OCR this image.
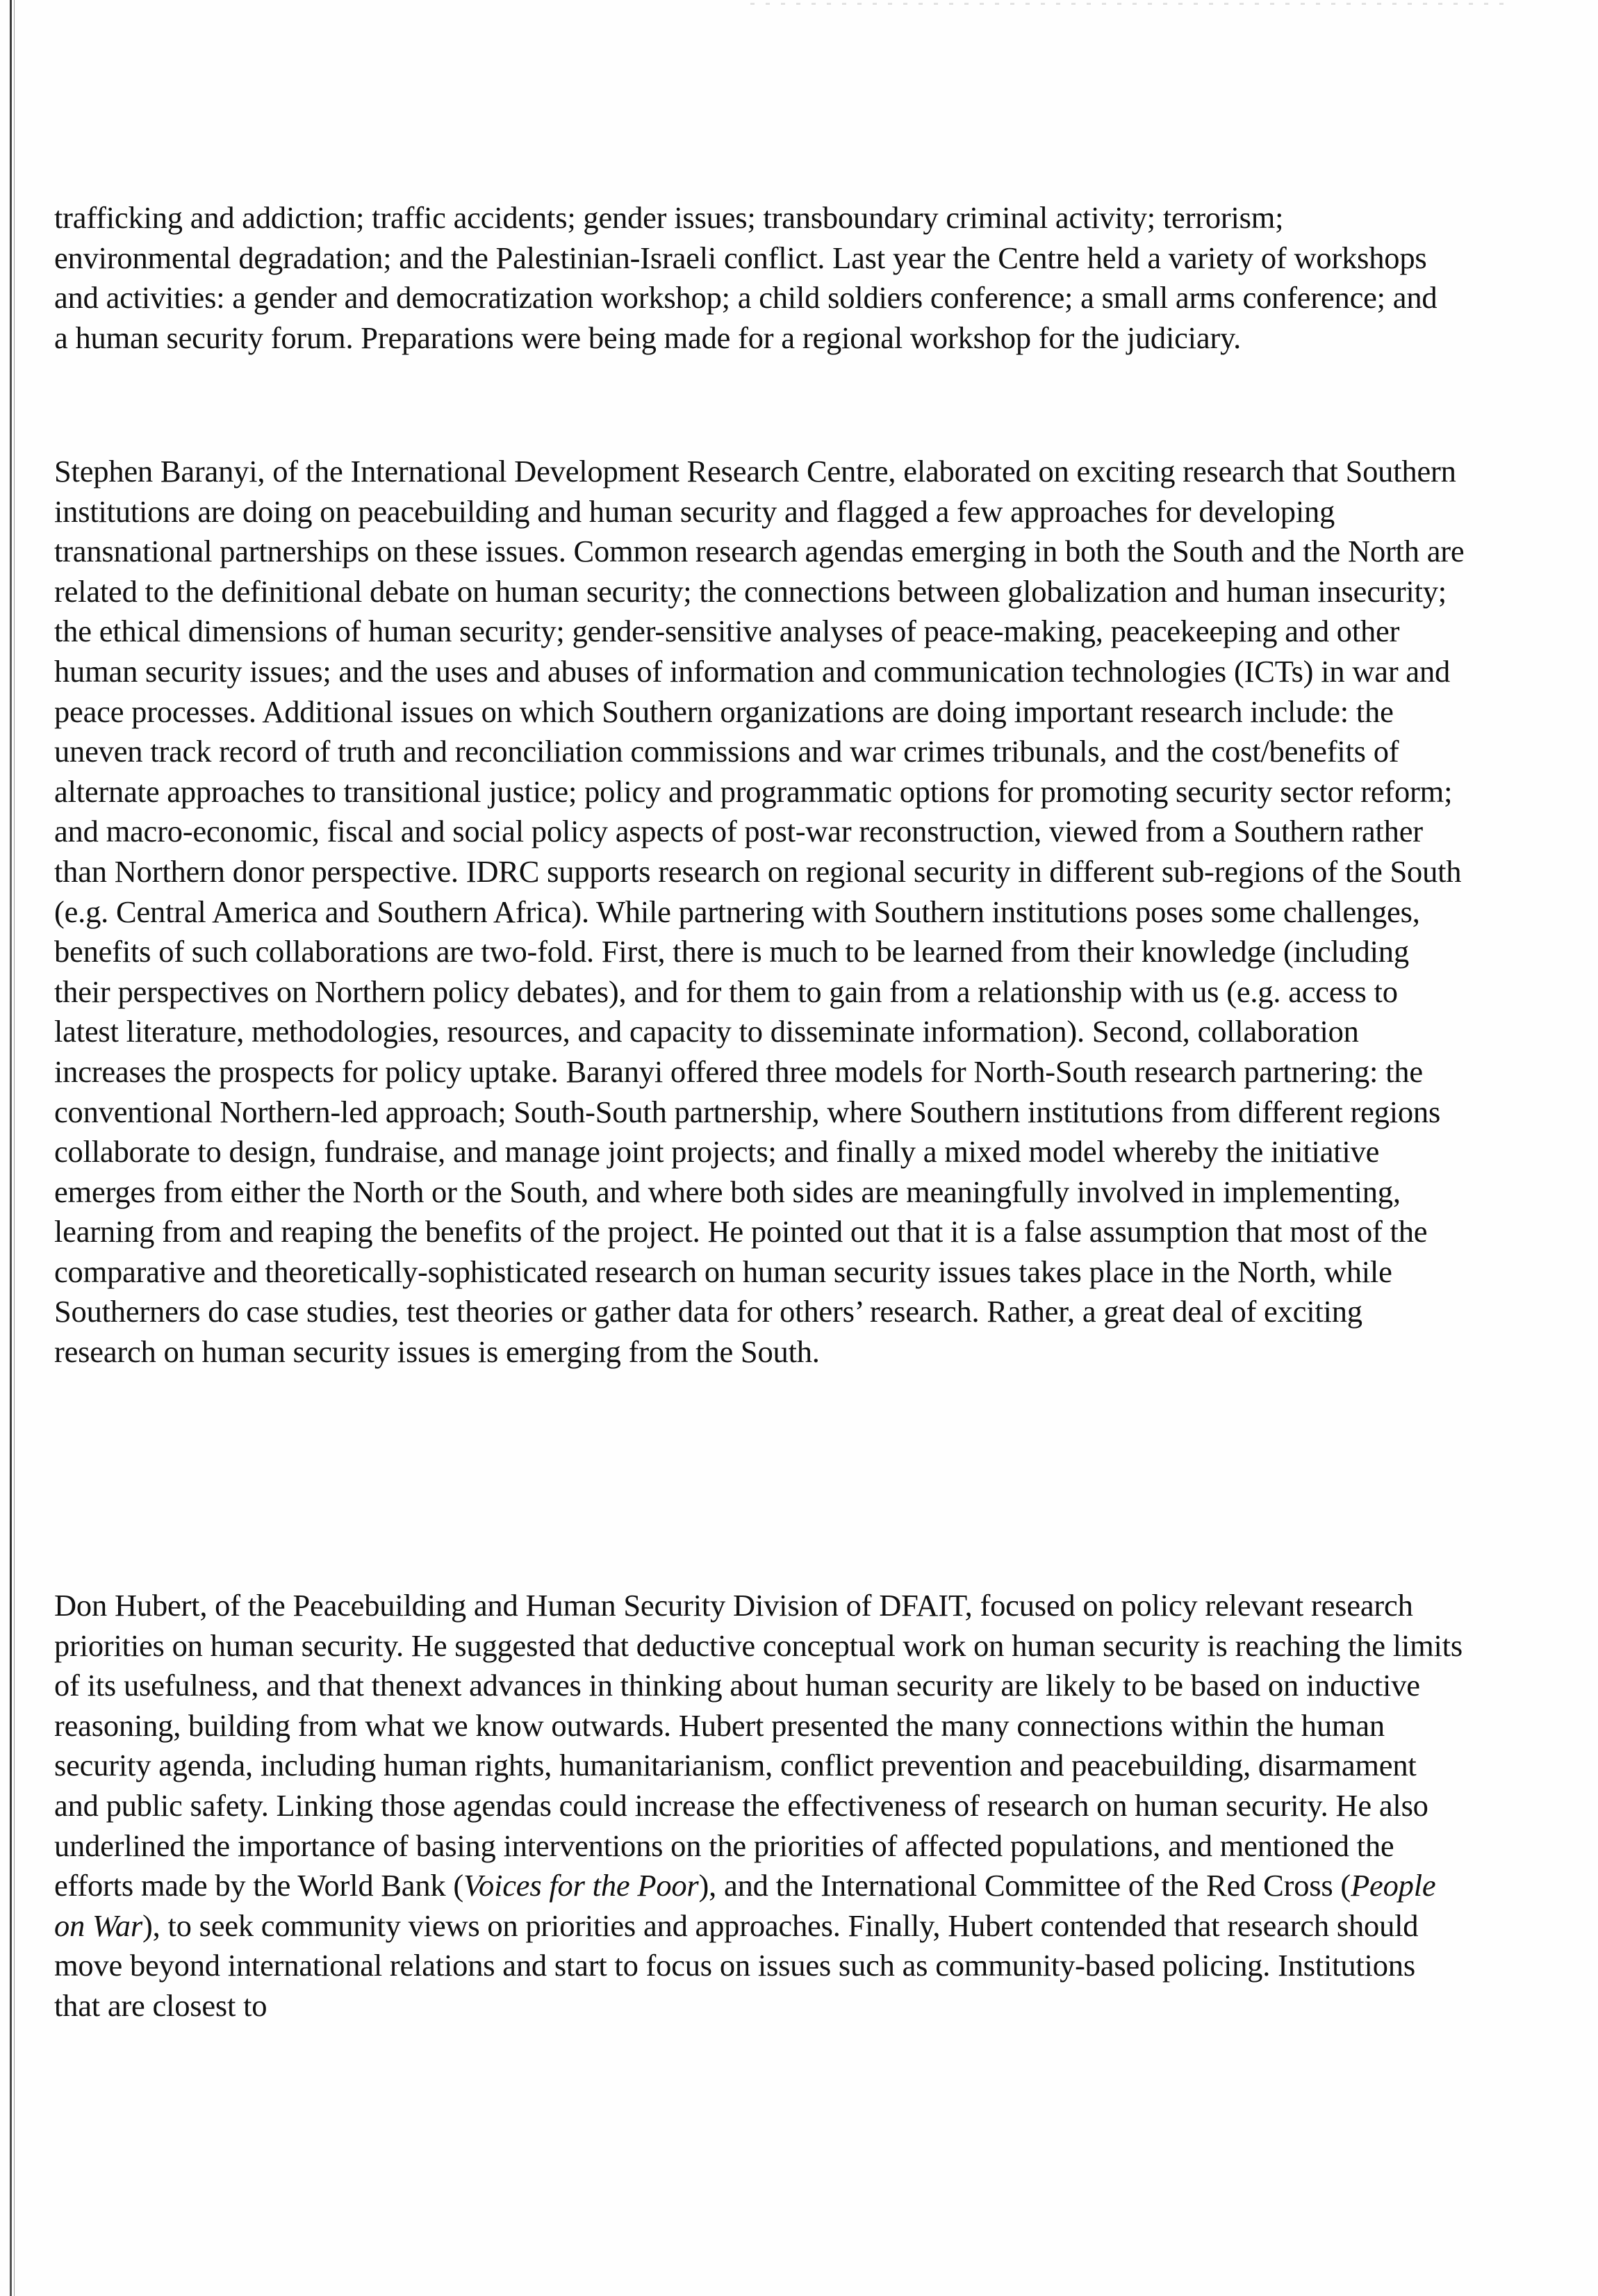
trafficking and addiction; traffic accidents; gender issues; transboundary criminal activity; terrorism; environmental degradation; and the Palestinian-Israeli conflict. Last year the Centre held a variety of workshops and activities: a gender and democratization workshop; a child soldiers conference; a small arms conference; and a human security forum. Preparations were being made for a regional workshop for the judiciary.

Stephen Baranyi, of the International Development Research Centre, elaborated on exciting research that Southern institutions are doing on peacebuilding and human security and flagged a few approaches for developing transnational partnerships on these issues. Common research agendas emerging in both the South and the North are related to the definitional debate on human security; the connections between globalization and human insecurity; the ethical dimensions of human security; gender-sensitive analyses of peace-making, peacekeeping and other human security issues; and the uses and abuses of information and communication technologies (ICTs) in war and peace processes. Additional issues on which Southern organizations are doing important research include: the uneven track record of truth and reconciliation commissions and war crimes tribunals, and the cost/benefits of alternate approaches to transitional justice; policy and programmatic options for promoting security sector reform; and macro-economic, fiscal and social policy aspects of post-war reconstruction, viewed from a Southern rather than Northern donor perspective. IDRC supports research on regional security in different sub-regions of the South (e.g. Central America and Southern Africa). While partnering with Southern institutions poses some challenges, benefits of such collaborations are two-fold. First, there is much to be learned from their knowledge (including their perspectives on Northern policy debates), and for them to gain from a relationship with us (e.g. access to latest literature, methodologies, resources, and capacity to disseminate information). Second, collaboration increases the prospects for policy uptake. Baranyi offered three models for North-South research partnering: the conventional Northern-led approach; South-South partnership, where Southern institutions from different regions collaborate to design, fundraise, and manage joint projects; and finally a mixed model whereby the initiative emerges from either the North or the South, and where both sides are meaningfully involved in implementing, learning from and reaping the benefits of the project. He pointed out that it is a false assumption that most of the comparative and theoretically-sophisticated research on human security issues takes place in the North, while Southerners do case studies, test theories or gather data for others’ research. Rather, a great deal of exciting research on human security issues is emerging from the South.

Don Hubert, of the Peacebuilding and Human Security Division of DFAIT, focused on policy relevant research priorities on human security. He suggested that deductive conceptual work on human security is reaching the limits of its usefulness, and that thenext advances in thinking about human security are likely to be based on inductive reasoning, building from what we know outwards. Hubert presented the many connections within the human security agenda, including human rights, humanitarianism, conflict prevention and peacebuilding, disarmament and public safety. Linking those agendas could increase the effectiveness of research on human security. He also underlined the importance of basing interventions on the priorities of affected populations, and mentioned the efforts made by the World Bank (Voices for the Poor), and the International Committee of the Red Cross (People on War), to seek community views on priorities and approaches. Finally, Hubert contended that research should move beyond international relations and start to focus on issues such as community-based policing. Institutions that are closest to
